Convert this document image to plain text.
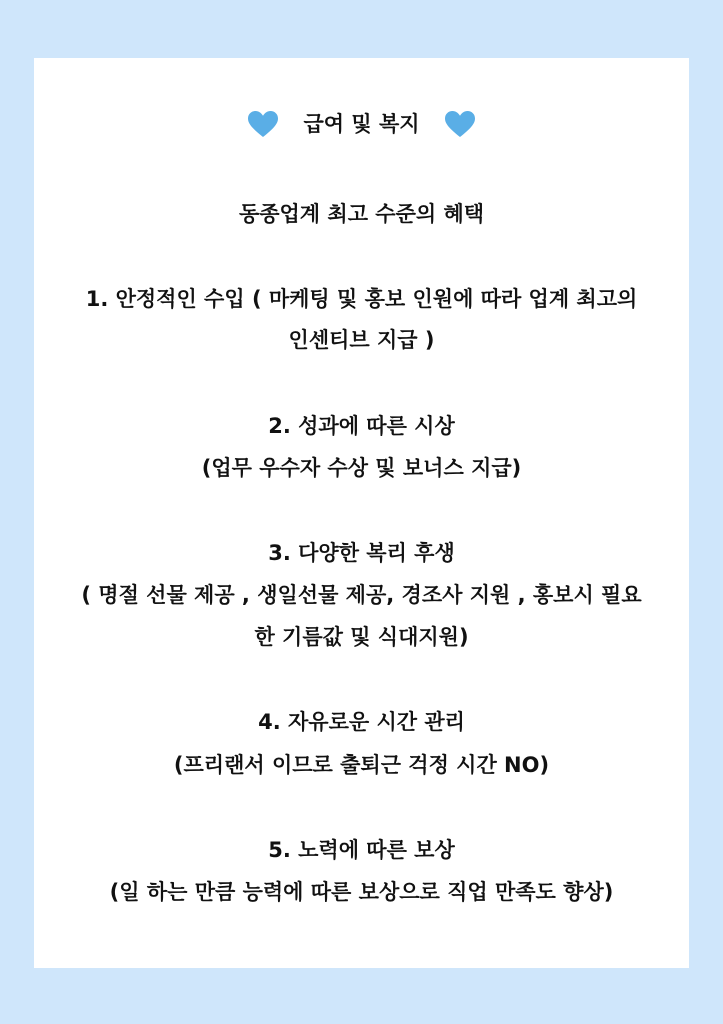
급여 및 복지
동종업계 최고 수준의 혜택
1. 안정적인 수입 ( 마케팅 및 홍보 인원에 따라 업계 최고의
인센티브 지급 )
2. 성과에 따른 시상
(업무 우수자 수상 및 보너스 지급)
3. 다양한 복리 후생
( 명절 선물 제공 , 생일선물 제공, 경조사 지원 , 홍보시 필요
한 기름값 및 식대지원)
4. 자유로운 시간 관리
(프리랜서 이므로 출퇴근 걱정 시간 NO)
5. 노력에 따른 보상
(일 하는 만큼 능력에 따른 보상으로 직업 만족도 향상)
